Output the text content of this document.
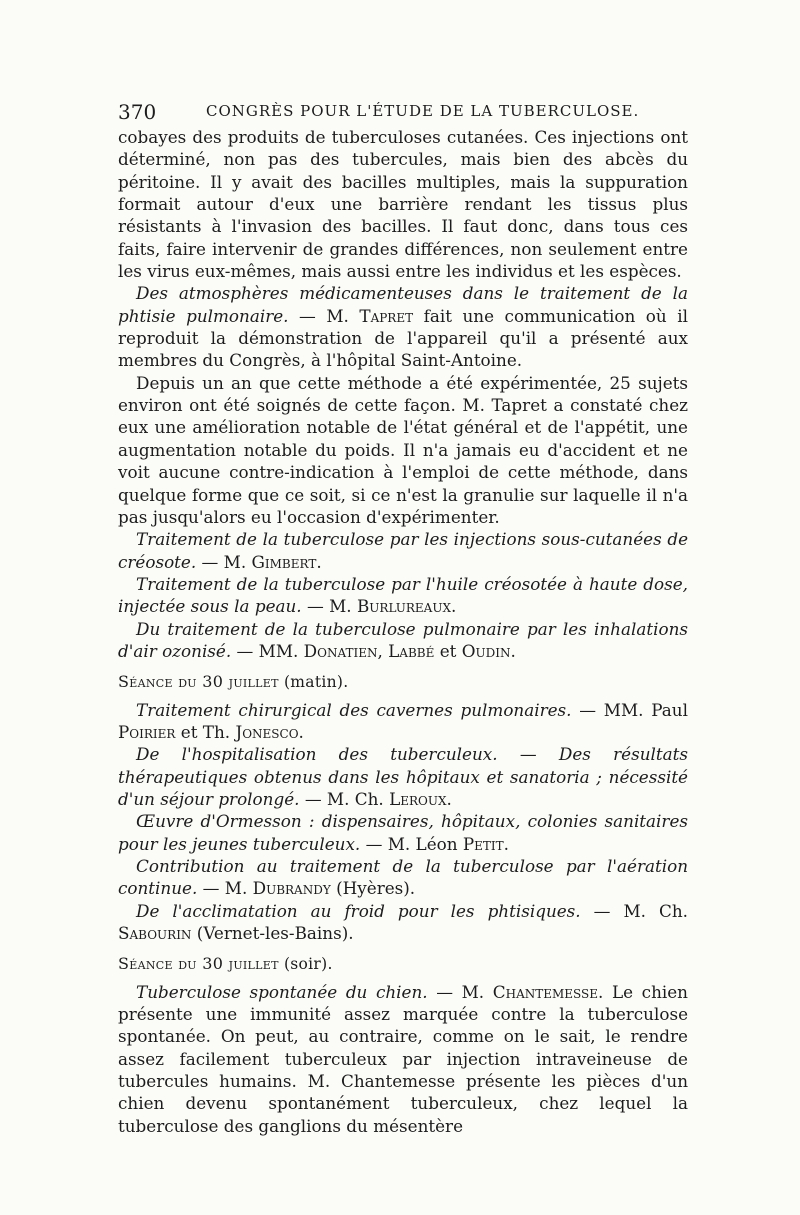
370	CONGRÈS POUR L'ÉTUDE DE LA TUBERCULOSE.

cobayes des produits de tuberculoses cutanées. Ces injections ont déterminé, non pas des tubercules, mais bien des abcès du péritoine. Il y avait des bacilles multiples, mais la suppuration formait autour d'eux une barrière rendant les tissus plus résistants à l'invasion des bacilles. Il faut donc, dans tous ces faits, faire intervenir de grandes différences, non seulement entre les virus eux-mêmes, mais aussi entre les individus et les espèces.

Des atmosphères médicamenteuses dans le traitement de la phtisie pulmonaire. — M. Tapret fait une communication où il reproduit la démonstration de l'appareil qu'il a présenté aux membres du Congrès, à l'hôpital Saint-Antoine.

Depuis un an que cette méthode a été expérimentée, 25 sujets environ ont été soignés de cette façon. M. Tapret a constaté chez eux une amélioration notable de l'état général et de l'appétit, une augmentation notable du poids. Il n'a jamais eu d'accident et ne voit aucune contre-indication à l'emploi de cette méthode, dans quelque forme que ce soit, si ce n'est la granulie sur laquelle il n'a pas jusqu'alors eu l'occasion d'expérimenter.

Traitement de la tuberculose par les injections sous-cutanées de créosote. — M. Gimbert.

Traitement de la tuberculose par l'huile créosotée à haute dose, injectée sous la peau. — M. Burlureaux.

Du traitement de la tuberculose pulmonaire par les inhalations d'air ozonisé. — MM. Donatien, Labbé et Oudin.

Séance du 30 juillet (matin).

Traitement chirurgical des cavernes pulmonaires. — MM. Paul Poirier et Th. Jonesco.

De l'hospitalisation des tuberculeux. — Des résultats thérapeutiques obtenus dans les hôpitaux et sanatoria ; nécessité d'un séjour prolongé. — M. Ch. Leroux.

Œuvre d'Ormesson : dispensaires, hôpitaux, colonies sanitaires pour les jeunes tuberculeux. — M. Léon Petit.

Contribution au traitement de la tuberculose par l'aération continue. — M. Dubrandy (Hyères).

De l'acclimatation au froid pour les phtisiques. — M. Ch. Sabourin (Vernet-les-Bains).

Séance du 30 juillet (soir).

Tuberculose spontanée du chien. — M. Chantemesse. Le chien présente une immunité assez marquée contre la tuberculose spontanée. On peut, au contraire, comme on le sait, le rendre assez facilement tuberculeux par injection intraveineuse de tubercules humains. M. Chantemesse présente les pièces d'un chien devenu spontanément tuberculeux, chez lequel la tuberculose des ganglions du mésentère
